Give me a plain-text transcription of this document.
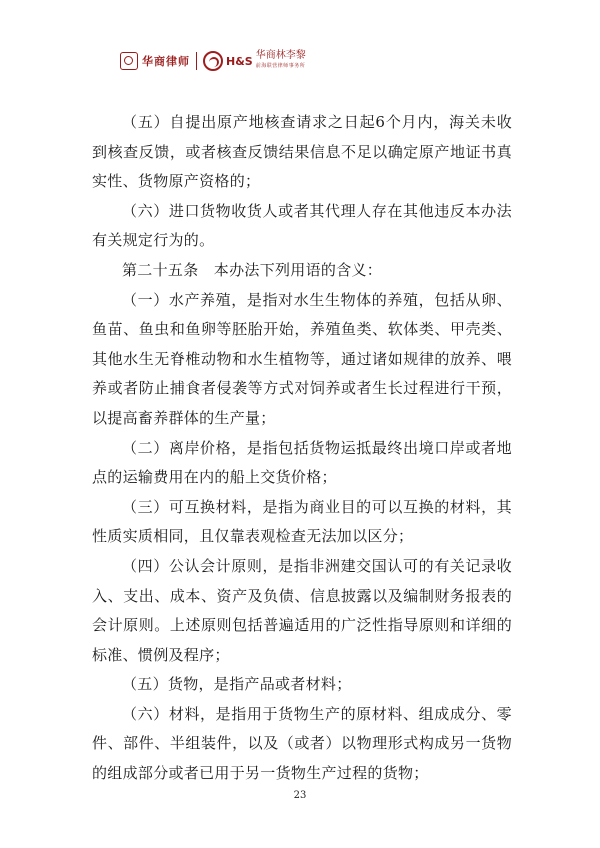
华商律师	H&S 华商林李黎
前海联营律师事务所

（五）自提出原产地核查请求之日起6个月内，海关未收到核查反馈，或者核查反馈结果信息不足以确定原产地证书真实性、货物原产资格的；

（六）进口货物收货人或者其代理人存在其他违反本办法有关规定行为的。

第二十五条　本办法下列用语的含义：

（一）水产养殖，是指对水生生物体的养殖，包括从卵、鱼苗、鱼虫和鱼卵等胚胎开始，养殖鱼类、软体类、甲壳类、其他水生无脊椎动物和水生植物等，通过诸如规律的放养、喂养或者防止捕食者侵袭等方式对饲养或者生长过程进行干预，以提高畜养群体的生产量；

（二）离岸价格，是指包括货物运抵最终出境口岸或者地点的运输费用在内的船上交货价格；

（三）可互换材料，是指为商业目的可以互换的材料，其性质实质相同，且仅靠表观检查无法加以区分；

（四）公认会计原则，是指非洲建交国认可的有关记录收入、支出、成本、资产及负债、信息披露以及编制财务报表的会计原则。上述原则包括普遍适用的广泛性指导原则和详细的标准、惯例及程序；

（五）货物，是指产品或者材料；

（六）材料，是指用于货物生产的原材料、组成成分、零件、部件、半组装件，以及（或者）以物理形式构成另一货物的组成部分或者已用于另一货物生产过程的货物；

23
